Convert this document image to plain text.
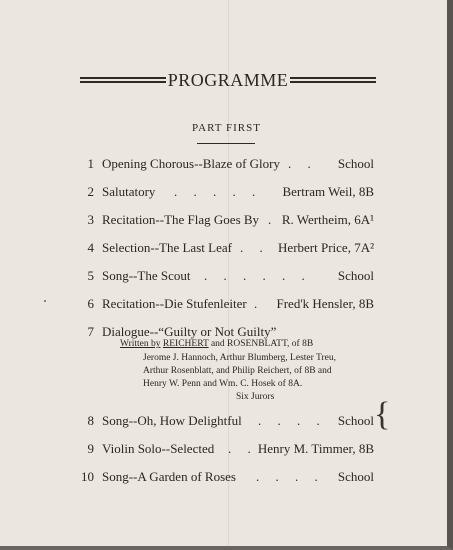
PROGRAMME
PART FIRST
1 Opening Chorous--Blaze of Glory .     . School
2 Salutatory .     .     .     .     . Bertram Weil, 8B
3 Recitation--The Flag Goes By . R. Wertheim, 6A¹
4 Selection--The Last Leaf .     . Herbert Price, 7A²
5 Song--The Scout .     .     .     .     .     .	School
6 Recitation--Die Stufenleiter . Fred'k Hensler, 8B
7 Dialogue--“Guilty or Not Guilty”
Written by REICHERT and ROSENBLATT, of 8B
Jerome J. Hannoch, Arthur Blumberg, Lester Treu,
Arthur Rosenblatt, and Philip Reichert, of 8B and
Henry W. Penn and Wm. C. Hosek of 8A.
Six Jurors
8 Song--Oh, How Delightful .     .     .     . School {
9 Violin Solo--Selected .     . Henry M. Timmer, 8B
10 Song--A Garden of Roses .     .     .     . School
